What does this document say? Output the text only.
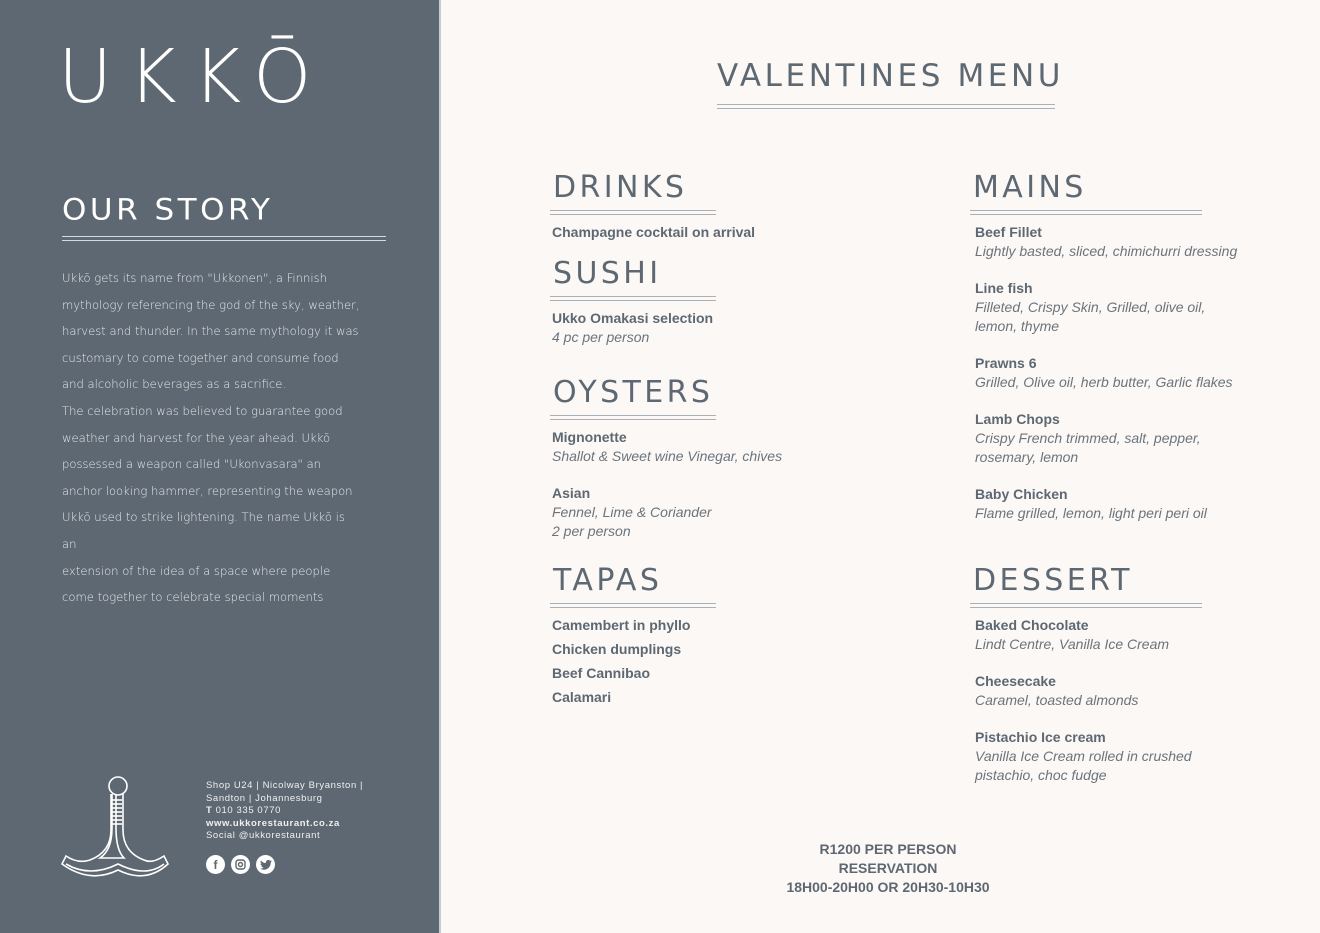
UKKŌ
OUR STORY

Ukkō gets its name from "Ukkonen", a Finnish

mythology referencing the god of the sky, weather,

harvest and thunder. In the same mythology it was

customary to come together and consume food

and alcoholic beverages as a sacrifice.

The celebration was believed to guarantee good

weather and harvest for the year ahead. Ukkō

possessed a weapon called "Ukonvasara" an

anchor looking hammer, representing the weapon

Ukkō used to strike lightening. The name Ukkō is an

extension of the idea of a space where people

come together to celebrate special moments

Shop U24 | Nicolway Bryanston |
Sandton | Johannesburg
T 010 335 0770
www.ukkorestaurant.co.za
Social @ukkorestaurant
f
VALENTINES MENU
DRINKS
Champagne cocktail on arrival
SUSHI
Ukko Omakasi selection
4 pc per person
OYSTERS
Mignonette
Shallot & Sweet wine Vinegar, chives
Asian
Fennel, Lime & Coriander
2 per person
TAPAS
Camembert in phyllo
Chicken dumplings
Beef Cannibao
Calamari
MAINS
Beef Fillet
Lightly basted, sliced, chimichurri dressing
Line fish
Filleted, Crispy Skin, Grilled, olive oil,
lemon, thyme
Prawns 6
Grilled, Olive oil, herb butter, Garlic flakes
Lamb Chops
Crispy French trimmed, salt, pepper,
rosemary, lemon
Baby Chicken
Flame grilled, lemon, light peri peri oil
DESSERT
Baked Chocolate
Lindt Centre, Vanilla Ice Cream
Cheesecake
Caramel, toasted almonds
Pistachio Ice cream
Vanilla Ice Cream rolled in crushed
pistachio, choc fudge
R1200 PER PERSON
RESERVATION
18H00-20H00 OR 20H30-10H30
